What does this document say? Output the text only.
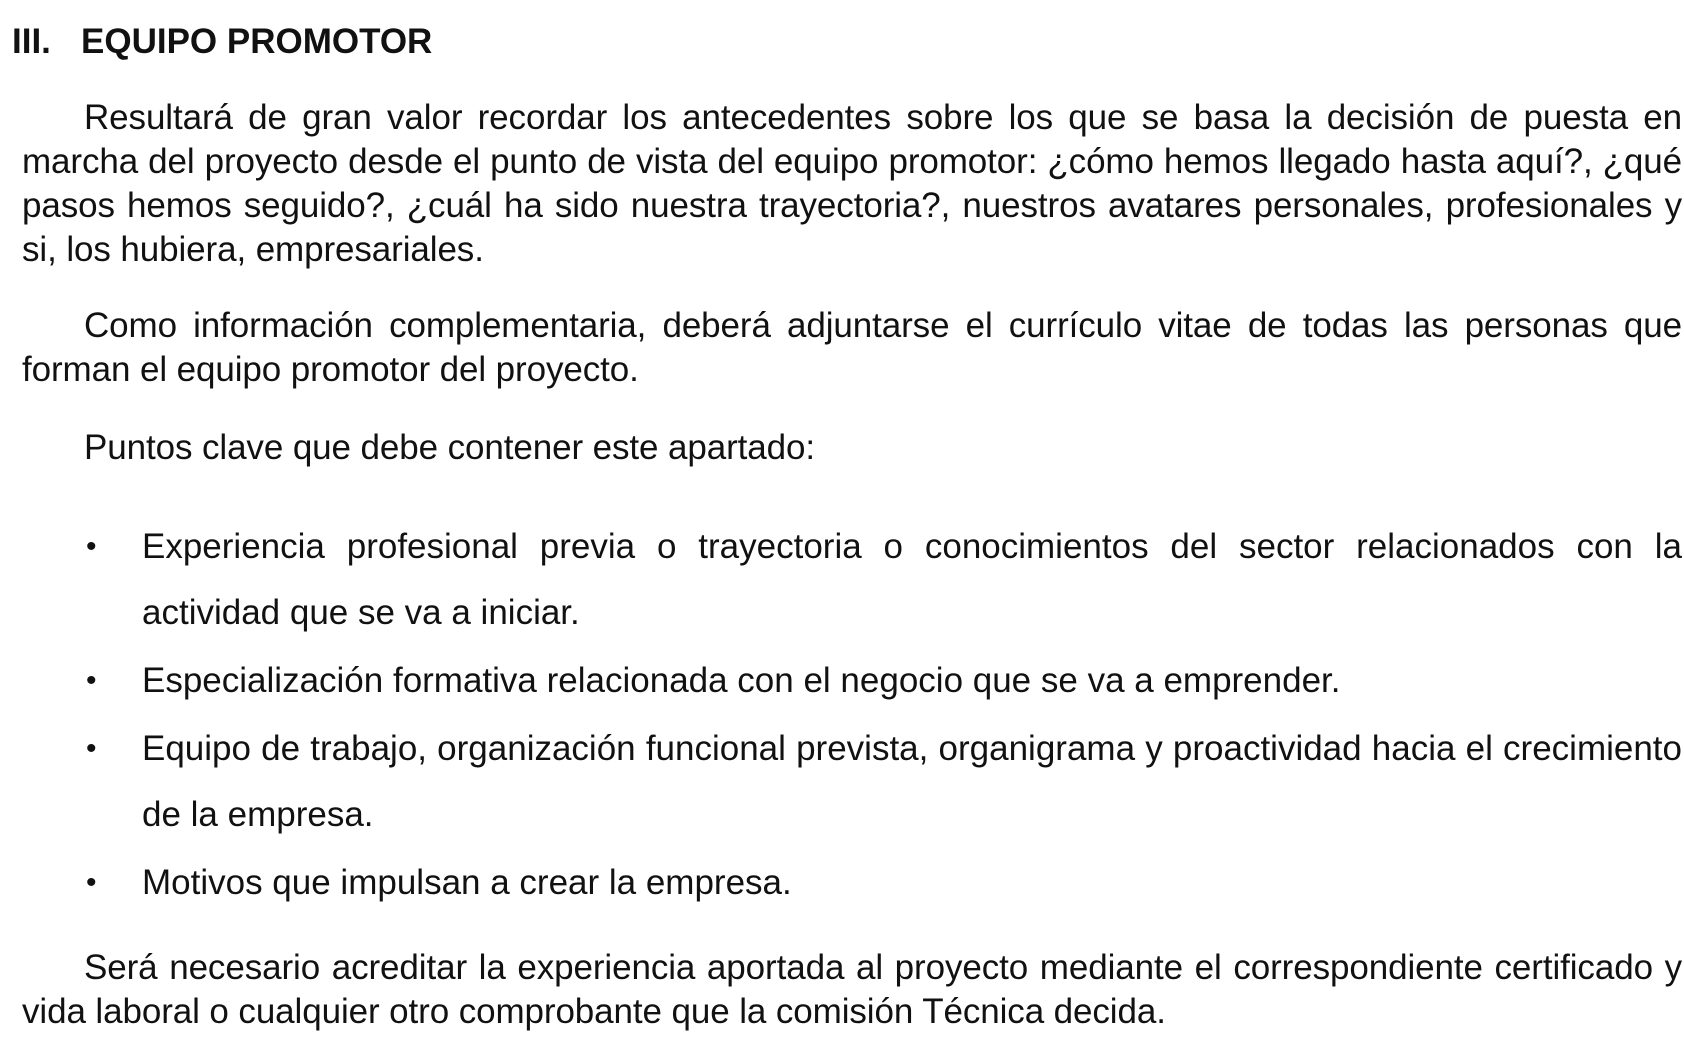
III. EQUIPO PROMOTOR

Resultará de gran valor recordar los antecedentes sobre los que se basa la decisión de puesta en marcha del proyecto desde el punto de vista del equipo promotor: ¿cómo hemos llegado hasta aquí?, ¿qué pasos hemos seguido?, ¿cuál ha sido nuestra trayectoria?, nuestros avatares personales, profesionales y si, los hubiera, empresariales.

Como información complementaria, deberá adjuntarse el currículo vitae de todas las personas que forman el equipo promotor del proyecto.

Puntos clave que debe contener este apartado:

• Experiencia profesional previa o trayectoria o conocimientos del sector relacionados con la actividad que se va a iniciar.
• Especialización formativa relacionada con el negocio que se va a emprender.
• Equipo de trabajo, organización funcional prevista, organigrama y proactividad hacia el crecimiento de la empresa.
• Motivos que impulsan a crear la empresa.

Será necesario acreditar la experiencia aportada al proyecto mediante el correspondiente certificado y vida laboral o cualquier otro comprobante que la comisión Técnica decida.
